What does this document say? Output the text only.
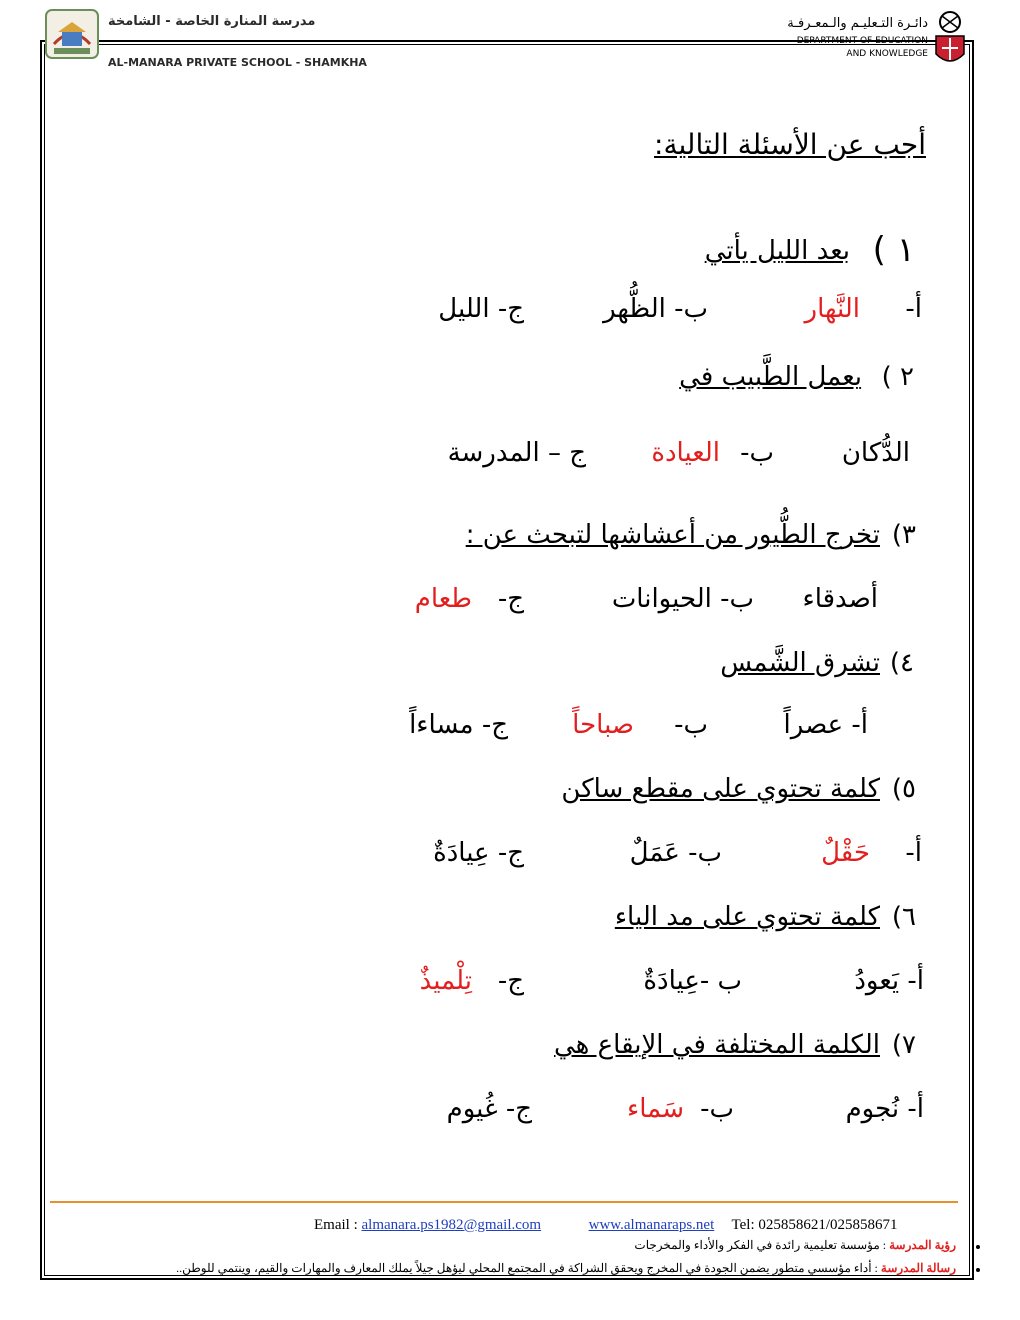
مدرسة المنارة الخاصة - الشامخة
AL-MANARA PRIVATE SCHOOL - SHAMKHA
دائـرة التـعليـم والـمعـرفـة
DEPARTMENT OF EDUCATION
AND KNOWLEDGE
أجب عن الأسئلة التالية:
١ )
بعد الليل يأتي
أ-
النَّهار
ب- الظُّهر
ج- الليل
٢ )
يعمل الطَّبيب في
الدُّكان
ب-
العيادة
ج – المدرسة
٣)
تخرج الطُّيور من أعشاشها لتبحث عن :
أصدقاء
ب- الحيوانات
ج-
طعام
٤)
تشرق الشَّمس
أ- عصراً
ب-
صباحاً
ج- مساءاً
٥)
كلمة تحتوي على مقطع ساكن
أ-
حَقْلٌ
ب- عَمَلٌ
ج- عِيادَةٌ
٦)
كلمة تحتوي على مد الياء
أ- يَعودُ
ب -عِيادَةٌ
ج-
تِلْميذٌ
٧)
الكلمة المختلفة في الإيقاع هي
أ- نُجوم
ب-
سَماء
ج- غُيوم
Email : almanara.ps1982@gmail.com	www.almanaraps.net Tel: 025858621/025858671
رؤية المدرسة : مؤسسة تعليمية رائدة في الفكر والأداء والمخرجات
رسالة المدرسة : أداء مؤسسي متطور يضمن الجودة في المخرج ويحقق الشراكة في المجتمع المحلي ليؤهل جيلاً يملك المعارف والمهارات والقيم، وينتمي للوطن..
